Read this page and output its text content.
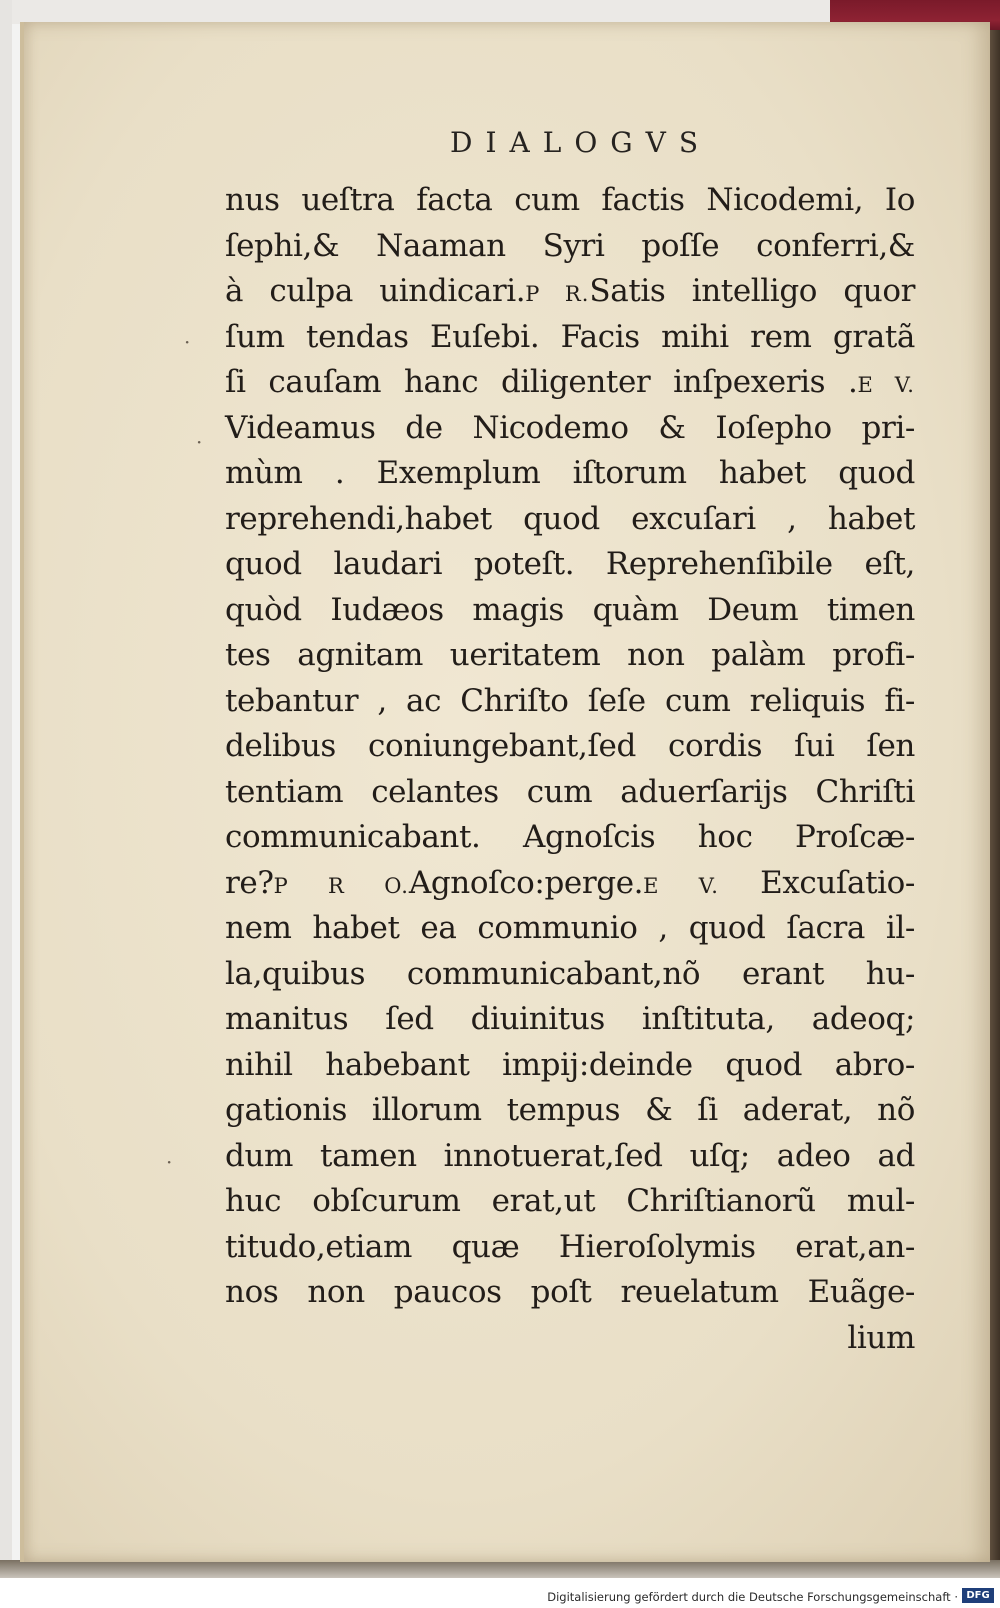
DIALOGVS
nus ueſtra facta cum factis Nicodemi, Io
ſephi,& Naaman Syri poſſe conferri,&
à culpa uindicari.P R.Satis intelligo quor
ſum tendas Euſebi. Facis mihi rem gratã
ſi cauſam hanc diligenter inſpexeris .E V.
Videamus de Nicodemo & Ioſepho pri-
mùm . Exemplum iſtorum habet quod
reprehendi,habet quod excuſari , habet
quod laudari poteſt. Reprehenſibile eſt,
quòd Iudæos magis quàm Deum timen
tes agnitam ueritatem non palàm profi-
tebantur , ac Chriſto ſeſe cum reliquis fi-
delibus coniungebant,ſed cordis ſui ſen
tentiam celantes cum aduerſariјs Chriſti
communicabant. Agnoſcis hoc Proſcæ-
re?P R O.Agnoſco:perge.E V. Excuſatio-
nem habet ea communio , quod ſacra il-
la,quibus communicabant,nõ erant hu-
manitus ſed diuinitus inſtituta, adeoq;
nihil habebant impiј:deinde quod abro-
gationis illorum tempus & ſi aderat, nõ
dum tamen innotuerat,ſed uſq; adeo ad
huc obſcurum erat,ut Chriſtianorũ mul-
titudo,etiam quæ Hieroſolymis erat,an-
nos non paucos poſt reuelatum Euãge-
lium
·
·
·
Digitalisierung gefördert durch die Deutsche Forschungsgemeinschaft · DFG
